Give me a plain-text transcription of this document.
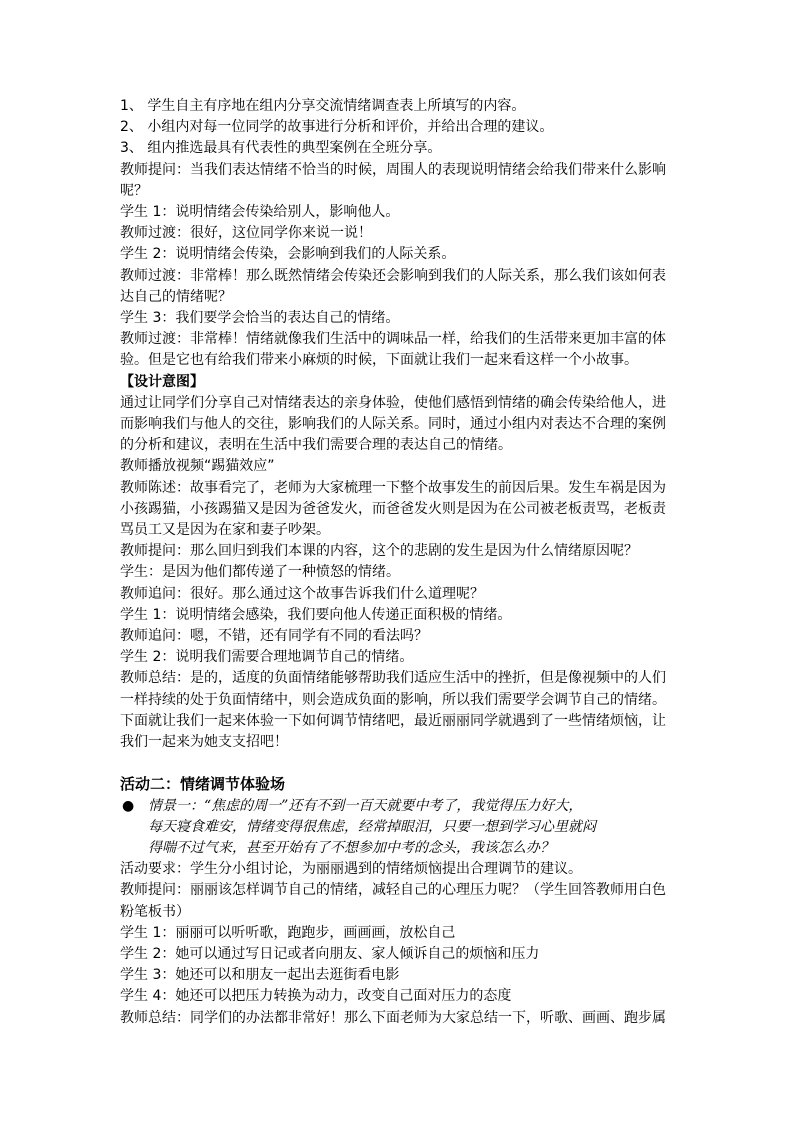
1、 学生自主有序地在组内分享交流情绪调查表上所填写的内容。

2、 小组内对每一位同学的故事进行分析和评价，并给出合理的建议。

3、 组内推选最具有代表性的典型案例在全班分享。

教师提问：当我们表达情绪不恰当的时候，周围人的表现说明情绪会给我们带来什么影响

呢？

学生 1：说明情绪会传染给别人，影响他人。

教师过渡：很好，这位同学你来说一说！

学生 2：说明情绪会传染，会影响到我们的人际关系。

教师过渡：非常棒！那么既然情绪会传染还会影响到我们的人际关系，那么我们该如何表

达自己的情绪呢？

学生 3：我们要学会恰当的表达自己的情绪。

教师过渡：非常棒！情绪就像我们生活中的调味品一样，给我们的生活带来更加丰富的体

验。但是它也有给我们带来小麻烦的时候，下面就让我们一起来看这样一个小故事。

【设计意图】

通过让同学们分享自己对情绪表达的亲身体验，使他们感悟到情绪的确会传染给他人，进

而影响我们与他人的交往，影响我们的人际关系。同时，通过小组内对表达不合理的案例

的分析和建议，表明在生活中我们需要合理的表达自己的情绪。

教师播放视频“踢猫效应”

教师陈述：故事看完了，老师为大家梳理一下整个故事发生的前因后果。发生车祸是因为

小孩踢猫，小孩踢猫又是因为爸爸发火，而爸爸发火则是因为在公司被老板责骂，老板责

骂员工又是因为在家和妻子吵架。

教师提问：那么回归到我们本课的内容，这个的悲剧的发生是因为什么情绪原因呢？

学生：是因为他们都传递了一种愤怒的情绪。

教师追问：很好。那么通过这个故事告诉我们什么道理呢？

学生 1：说明情绪会感染，我们要向他人传递正面积极的情绪。

教师追问：嗯，不错，还有同学有不同的看法吗？

学生 2：说明我们需要合理地调节自己的情绪。

教师总结：是的，适度的负面情绪能够帮助我们适应生活中的挫折，但是像视频中的人们

一样持续的处于负面情绪中，则会造成负面的影响，所以我们需要学会调节自己的情绪。

下面就让我们一起来体验一下如何调节情绪吧，最近丽丽同学就遇到了一些情绪烦恼，让

我们一起来为她支支招吧！

活动二：情绪调节体验场

● 情景一：“焦虑的周一”还有不到一百天就要中考了，我觉得压力好大，

每天寝食难安，情绪变得很焦虑，经常掉眼泪，只要一想到学习心里就闷

得喘不过气来，甚至开始有了不想参加中考的念头，我该怎么办？

活动要求：学生分小组讨论，为丽丽遇到的情绪烦恼提出合理调节的建议。

教师提问：丽丽该怎样调节自己的情绪，减轻自己的心理压力呢？（学生回答教师用白色

粉笔板书）

学生 1：丽丽可以听听歌，跑跑步，画画画，放松自己

学生 2：她可以通过写日记或者向朋友、家人倾诉自己的烦恼和压力

学生 3：她还可以和朋友一起出去逛街看电影

学生 4：她还可以把压力转换为动力，改变自己面对压力的态度

教师总结：同学们的办法都非常好！那么下面老师为大家总结一下，听歌、画画、跑步属
